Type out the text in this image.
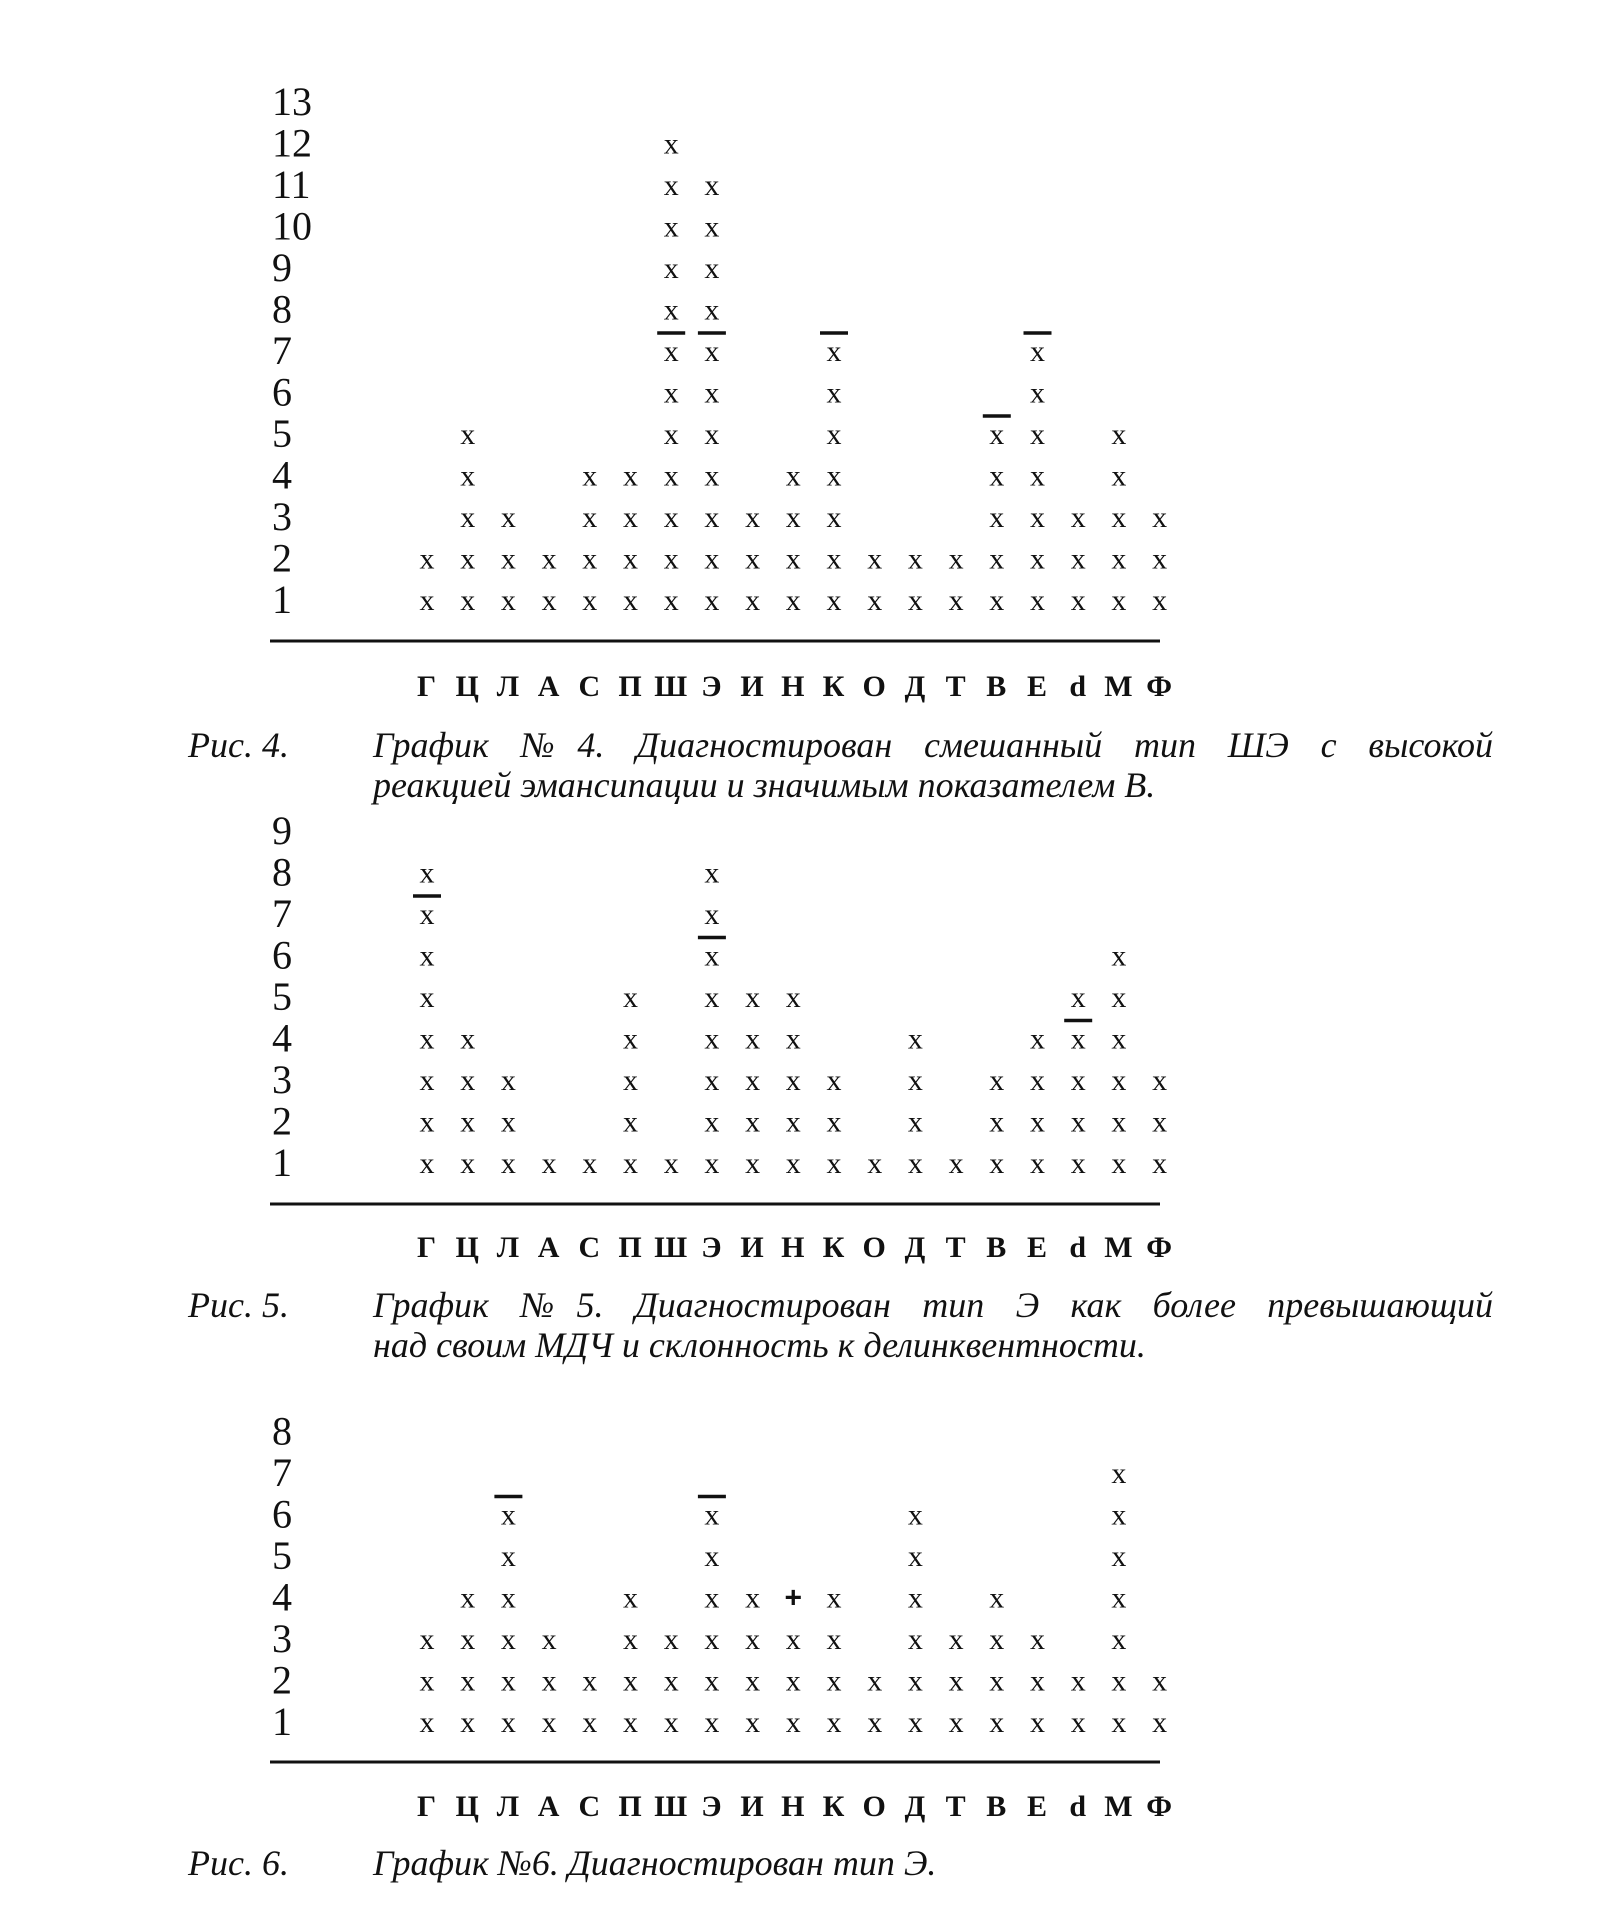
1
2
3
4
5
6
7
8
9
10
11
12
13
x
x
x
x
x
x
x
x
x
x
x
x
x
x
x
x
x
x
x
x
x
x
x
x
x
x
x
x
x
x
x
x
x
x
x
x
x
x
x
x
x
x
x
x
x
x
x
x
x
x
x
x
x
x
x
x
x
x
x
x
x
x
x
x
x
x
x
x
x
x
x
x
x
x
x
x
x
x
x
x
x
x
x
x
x
x
Г Ц Л А С П Ш Э И Н К О Д Т В Е d М Ф
Рис. 4. График №4. Диагностирован смешанный тип ШЭ с высокой
реакцией эмансипации и значимым показателем В.
1
2
3
4
5
6
7
8
9
x
x
x
x
x
x
x
x
x
x
x
x
x
x
x
x x x
x
x
x
x
x x
x
x
x
x
x
x
x
x
x
x
x
x
x
x
x
x
x
x
x
x
x x
x
x
x
x x
x
x
x
x
x
x
x
x
x
x
x
x
x
x
x
x
x
x
x
x
Г Ц Л А С П Ш Э И Н К О Д Т В Е d М Ф
Рис. 5. График №5. Диагностирован тип Э как более превышающий
над своим МДЧ и склонность к делинквентности.
1
2
3
4
5
6
7
8
x
x
x
x
x
x
x
x
x
x
x
x
x
x
x
x
x
x
x
x
x
x
x
x
x
x
x
x
x
x
x
x
x
x
x
x
x
x
+
x
x
x
x
x
x
x
x
x
x
x
x
x
x
x
x
x
x
x
x
x
x
x
x
x
x
x
x
x
x
x
x
x
Г Ц Л А С П Ш Э И Н К О Д Т В Е d М Ф
Рис. 6. График №6. Диагностирован тип Э.
